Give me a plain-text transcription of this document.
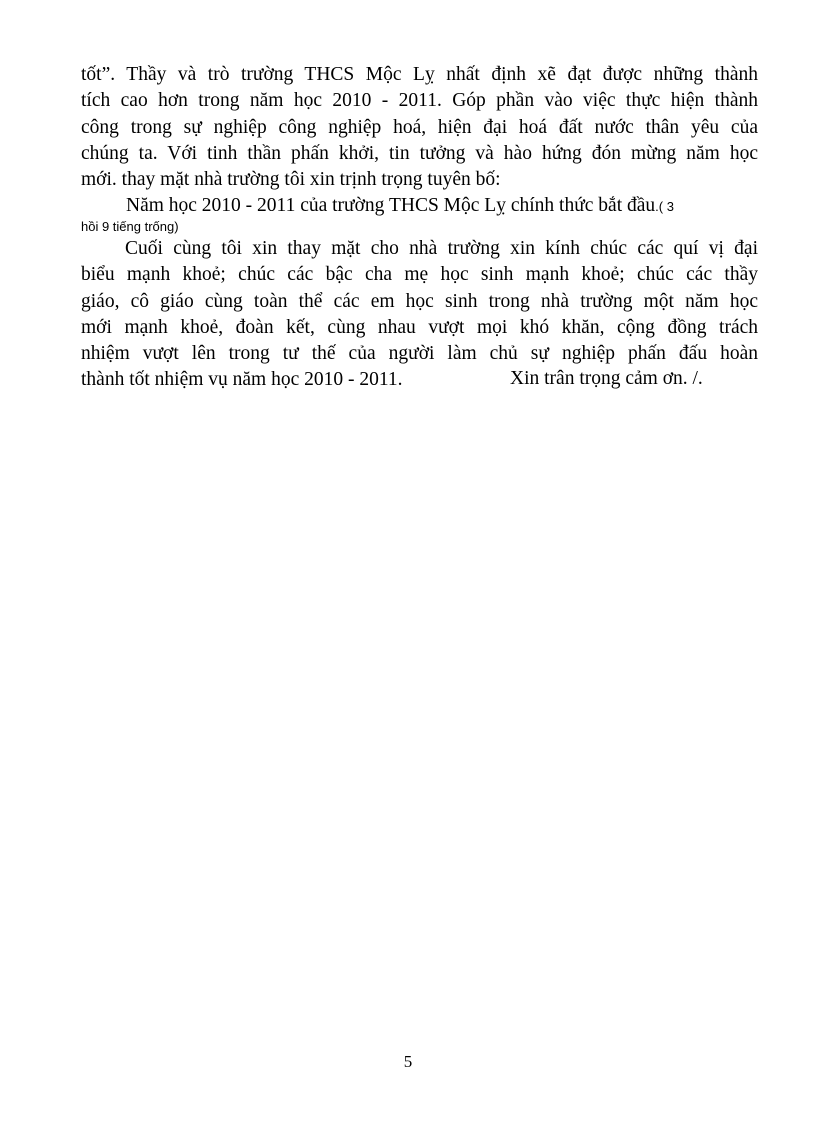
tốt”. Thầy và trò trường THCS Mộc Lỵ nhất định xẽ đạt được những thành
tích cao hơn trong năm học 2010 - 2011. Góp phần vào việc thực hiện thành
công trong sự nghiệp công nghiệp hoá, hiện đại hoá đất nước thân yêu của
chúng ta. Với tinh thần phấn khởi, tin tưởng và hào hứng đón mừng năm học
mới. thay mặt nhà trường tôi xin trịnh trọng tuyên bố:
Năm học 2010 - 2011 của trường THCS Mộc Lỵ chính thức bắt đầu.( 3
hồi 9 tiếng trống)
Cuối cùng tôi xin thay mặt cho nhà trường xin kính chúc các quí vị đại
biểu mạnh khoẻ; chúc các bậc cha mẹ học sinh mạnh khoẻ; chúc các thầy
giáo, cô giáo cùng toàn thể các em học sinh trong nhà trường một năm học
mới mạnh khoẻ, đoàn kết, cùng nhau vượt mọi khó khăn, cộng đồng trách
nhiệm vượt lên trong tư thế của người làm chủ sự nghiệp phấn đấu hoàn
thành tốt nhiệm vụ năm học 2010 - 2011.	Xin trân trọng cảm ơn. /.
5
